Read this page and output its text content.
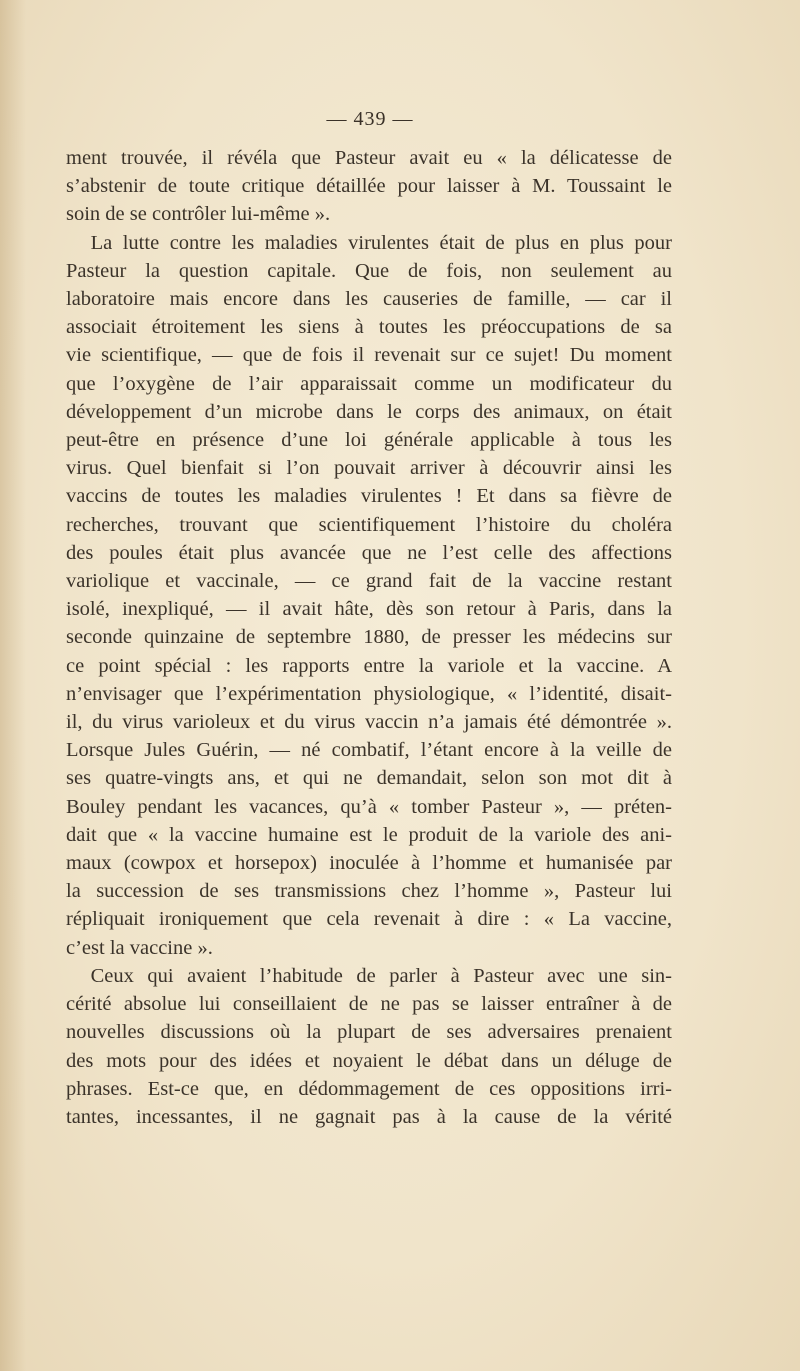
— 439 —

ment trouvée, il révéla que Pasteur avait eu « la délicatesse de

s’abstenir de toute critique détaillée pour laisser à M. Toussaint le

soin de se contrôler lui-même ».

La lutte contre les maladies virulentes était de plus en plus pour

Pasteur la question capitale. Que de fois, non seulement au

laboratoire mais encore dans les causeries de famille, — car il

associait étroitement les siens à toutes les préoccupations de sa

vie scientifique, — que de fois il revenait sur ce sujet! Du moment

que l’oxygène de l’air apparaissait comme un modificateur du

développement d’un microbe dans le corps des animaux, on était

peut-être en présence d’une loi générale applicable à tous les

virus. Quel bienfait si l’on pouvait arriver à découvrir ainsi les

vaccins de toutes les maladies virulentes ! Et dans sa fièvre de

recherches, trouvant que scientifiquement l’histoire du choléra

des poules était plus avancée que ne l’est celle des affections

variolique et vaccinale, — ce grand fait de la vaccine restant

isolé, inexpliqué, — il avait hâte, dès son retour à Paris, dans la

seconde quinzaine de septembre 1880, de presser les médecins sur

ce point spécial : les rapports entre la variole et la vaccine. A

n’envisager que l’expérimentation physiologique, « l’identité, disait-

il, du virus varioleux et du virus vaccin n’a jamais été démontrée ».

Lorsque Jules Guérin, — né combatif, l’étant encore à la veille de

ses quatre-vingts ans, et qui ne demandait, selon son mot dit à

Bouley pendant les vacances, qu’à « tomber Pasteur », — préten-

dait que « la vaccine humaine est le produit de la variole des ani-

maux (cowpox et horsepox) inoculée à l’homme et humanisée par

la succession de ses transmissions chez l’homme », Pasteur lui

répliquait ironiquement que cela revenait à dire : « La vaccine,

c’est la vaccine ».

Ceux qui avaient l’habitude de parler à Pasteur avec une sin-

cérité absolue lui conseillaient de ne pas se laisser entraîner à de

nouvelles discussions où la plupart de ses adversaires prenaient

des mots pour des idées et noyaient le débat dans un déluge de

phrases. Est-ce que, en dédommagement de ces oppositions irri-

tantes, incessantes, il ne gagnait pas à la cause de la vérité
